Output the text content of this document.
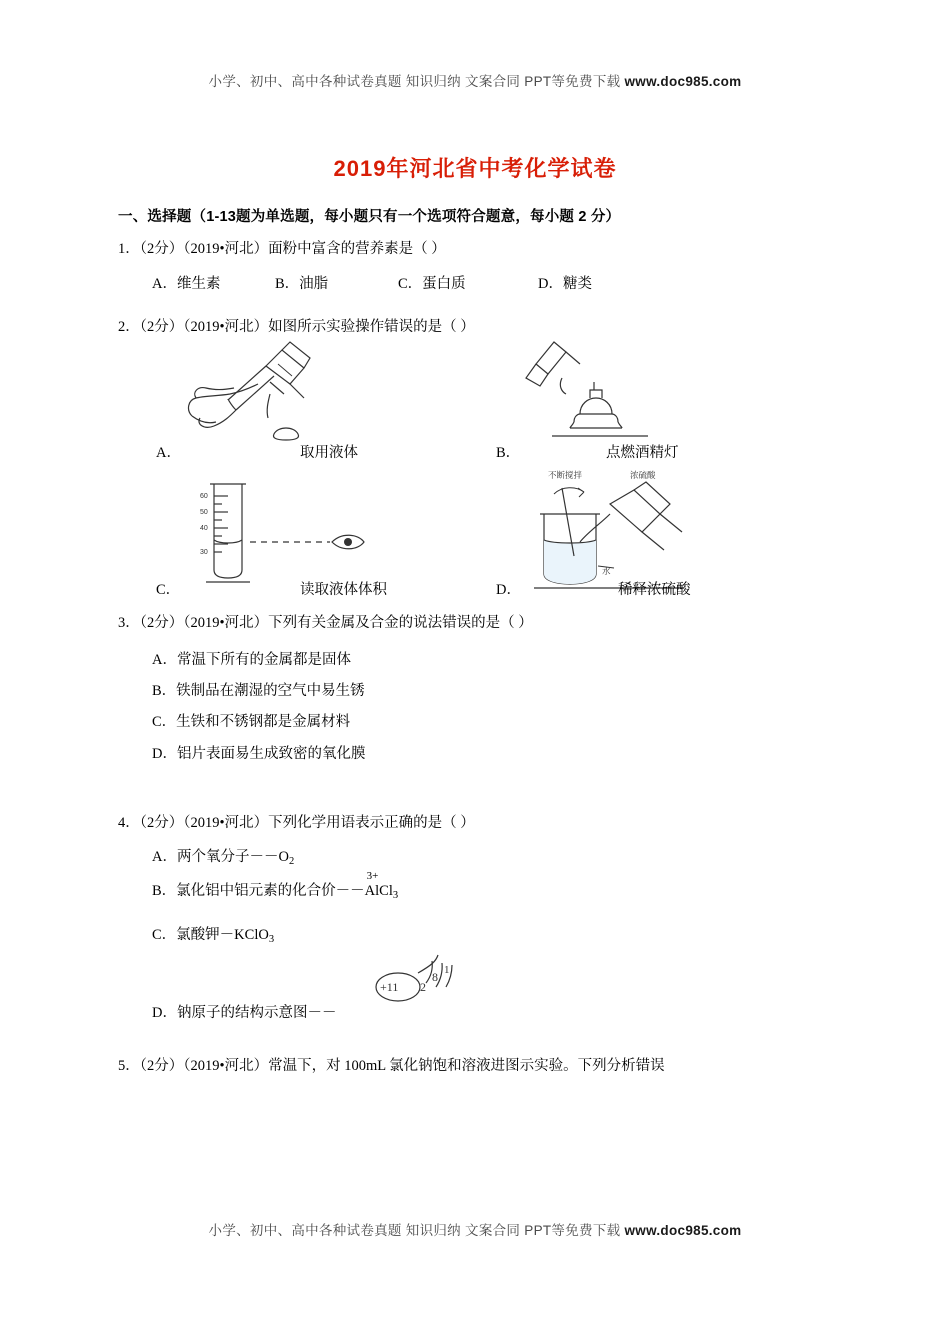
小学、初中、高中各种试卷真题 知识归纳 文案合同 PPT等免费下载 www.doc985.com
2019年河北省中考化学试卷
一、选择题（1-13题为单选题，每小题只有一个选项符合题意，每小题 2 分）
1．（2分）（2019•河北）面粉中富含的营养素是（ ）
A．维生素	B．油脂	C．蛋白质	D．糖类
2．（2分）（2019•河北）如图所示实验操作错误的是（ ）
A．	取用液体	B．	点燃酒精灯
60
50
40
30
C．	读取液体体积
不断搅拌	浓硫酸
水
D．	稀释浓硫酸
3．（2分）（2019•河北）下列有关金属及合金的说法错误的是（ ）
A．常温下所有的金属都是固体
B．铁制品在潮湿的空气中易生锈
C．生铁和不锈钢都是金属材料
D．铝片表面易生成致密的氧化膜
4．（2分）（2019•河北）下列化学用语表示正确的是（ ）
A．两个氧分子$--O_2$
B．氯化铝中铝元素的化合价－－
3+
AlCl$_3$
C．氯酸钾－KClO$_3$
D．钠原子的结构示意图－－
+11 2
8 1
5．（2分）（2019•河北）常温下，对 100mL 氯化钠饱和溶液进图示实验。下列分析错误
小学、初中、高中各种试卷真题 知识归纳 文案合同 PPT等免费下载 www.doc985.com
